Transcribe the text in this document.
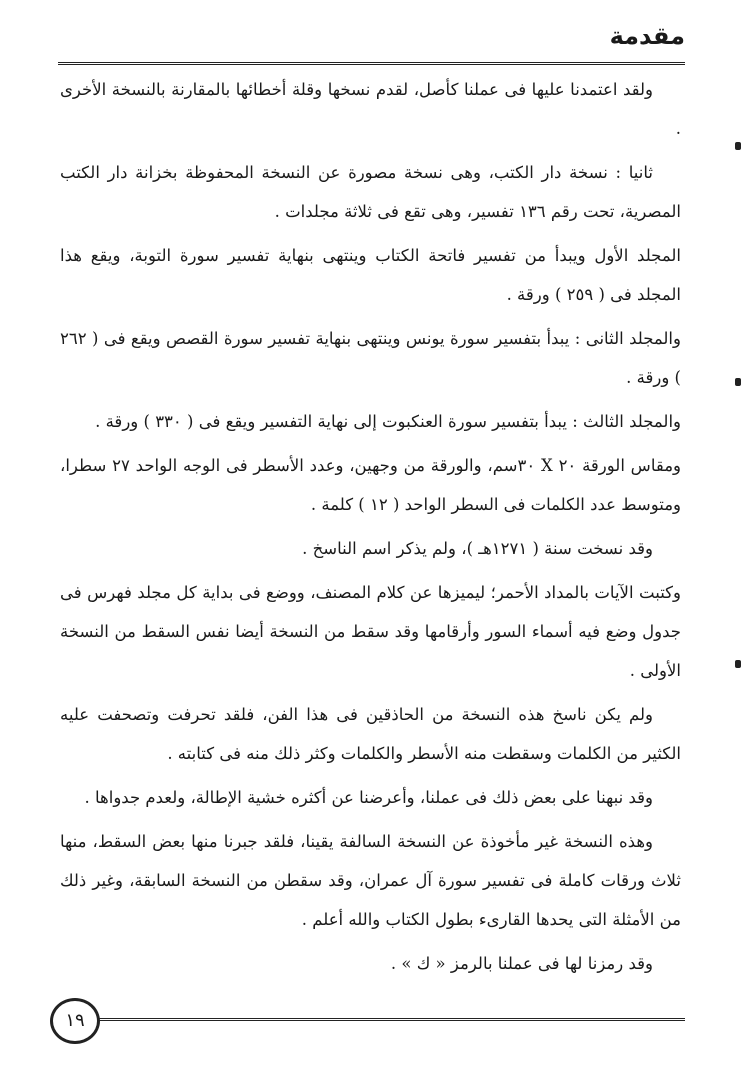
مقدمة

ولقد اعتمدنا عليها فى عملنا كأصل، لقدم نسخها وقلة أخطائها بالمقارنة بالنسخة الأخرى .

ثانيا : نسخة دار الكتب، وهى نسخة مصورة عن النسخة المحفوظة بخزانة دار الكتب المصرية، تحت رقم ١٣٦ تفسير، وهى تقع فى ثلاثة مجلدات .

المجلد الأول ويبدأ من تفسير فاتحة الكتاب وينتهى بنهاية تفسير سورة التوبة، ويقع هذا المجلد فى ( ٢٥٩ ) ورقة .

والمجلد الثانى : يبدأ بتفسير سورة يونس وينتهى بنهاية تفسير سورة القصص ويقع فى ( ٢٦٢ ) ورقة .

والمجلد الثالث : يبدأ بتفسير سورة العنكبوت إلى نهاية التفسير ويقع فى ( ٣٣٠ ) ورقة .

ومقاس الورقة ٢٠ X ٣٠سم، والورقة من وجهين، وعدد الأسطر فى الوجه الواحد ٢٧ سطرا، ومتوسط عدد الكلمات فى السطر الواحد ( ١٢ ) كلمة .

وقد نسخت سنة ( ١٢٧١هـ )، ولم يذكر اسم الناسخ .

وكتبت الآيات بالمداد الأحمر؛ ليميزها عن كلام المصنف، ووضع فى بداية كل مجلد فهرس فى جدول وضع فيه أسماء السور وأرقامها وقد سقط من النسخة أيضا نفس السقط من النسخة الأولى .

ولم يكن ناسخ هذه النسخة من الحاذقين فى هذا الفن، فلقد تحرفت وتصحفت عليه الكثير من الكلمات وسقطت منه الأسطر والكلمات وكثر ذلك منه فى كتابته .

وقد نبهنا على بعض ذلك فى عملنا، وأعرضنا عن أكثره خشية الإطالة، ولعدم جدواها .

وهذه النسخة غير مأخوذة عن النسخة السالفة يقينا، فلقد جبرنا منها بعض السقط، منها ثلاث ورقات كاملة فى تفسير سورة آل عمران، وقد سقطن من النسخة السابقة، وغير ذلك من الأمثلة التى يحدها القارىء بطول الكتاب والله أعلم .

وقد رمزنا لها فى عملنا بالرمز « ك » .

١٩
